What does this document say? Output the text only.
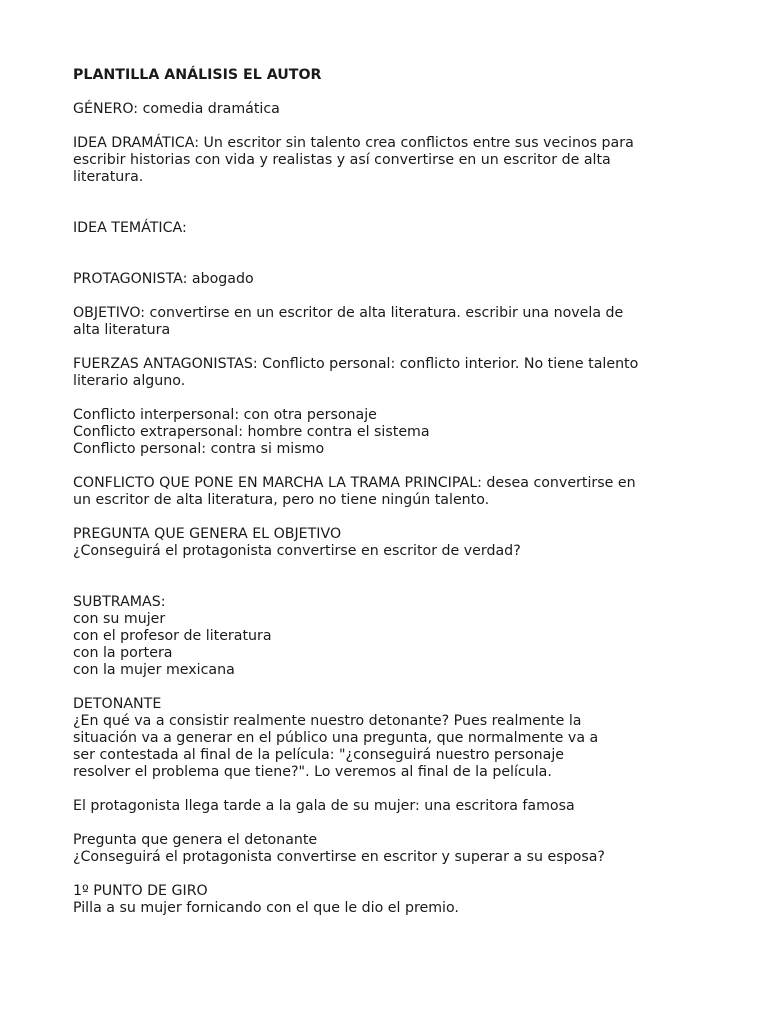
PLANTILLA ANÁLISIS EL AUTOR

GÉNERO: comedia dramática

IDEA DRAMÁTICA: Un escritor sin talento crea conflictos entre sus vecinos para

escribir historias con vida y realistas y así convertirse en un escritor de alta

literatura.

IDEA TEMÁTICA:

PROTAGONISTA: abogado

OBJETIVO: convertirse en un escritor de alta literatura. escribir una novela de

alta literatura

FUERZAS ANTAGONISTAS: Conflicto personal: conflicto interior. No tiene talento

literario alguno.

Conflicto interpersonal: con otra personaje

Conflicto extrapersonal: hombre contra el sistema

Conflicto personal: contra si mismo

CONFLICTO QUE PONE EN MARCHA LA TRAMA PRINCIPAL: desea convertirse en

un escritor de alta literatura, pero no tiene ningún talento.

PREGUNTA QUE GENERA EL OBJETIVO

¿Conseguirá el protagonista convertirse en escritor de verdad?

SUBTRAMAS:

con su mujer

con el profesor de literatura

con la portera

con la mujer mexicana

DETONANTE

¿En qué va a consistir realmente nuestro detonante? Pues realmente la

situación va a generar en el público una pregunta, que normalmente va a

ser contestada al final de la película: "¿conseguirá nuestro personaje

resolver el problema que tiene?". Lo veremos al final de la película.

El protagonista llega tarde a la gala de su mujer: una escritora famosa

Pregunta que genera el detonante

¿Conseguirá el protagonista convertirse en escritor y superar a su esposa?

1º PUNTO DE GIRO

Pilla a su mujer fornicando con el que le dio el premio.
